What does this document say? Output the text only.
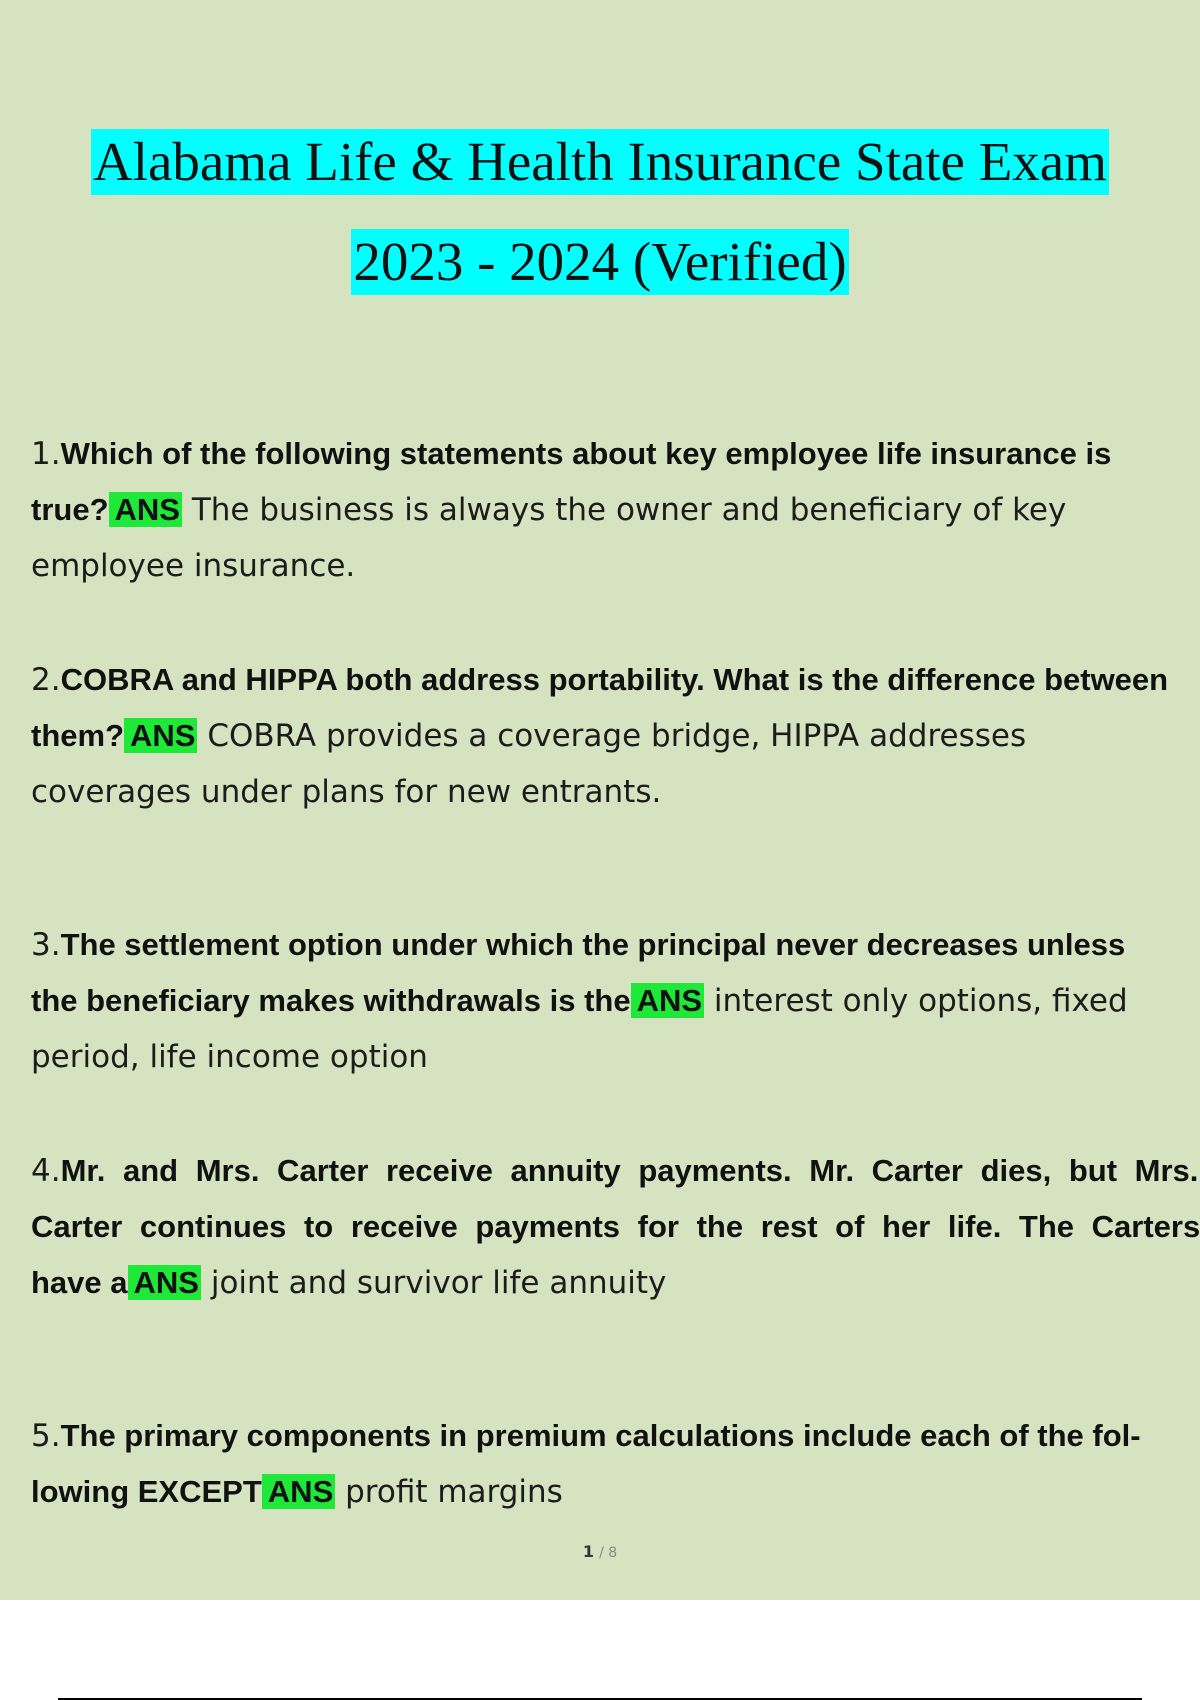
Alabama Life & Health Insurance State Exam

2023 - 2024 (Verified)

1.Which of the following statements about key employee life insurance is true? ANS The business is always the owner and beneficiary of key employee insurance.

2.COBRA and HIPPA both address portability. What is the difference between them? ANS COBRA provides a coverage bridge, HIPPA addresses coverages under plans for new entrants.

3.The settlement option under which the principal never decreases unless the beneficiary makes withdrawals is the ANS interest only options, fixed period, life income option

4.Mr. and Mrs. Carter receive annuity payments. Mr. Carter dies, but Mrs.
Carter continues to receive payments for the rest of her life. The Carters
have a ANS joint and survivor life annuity

5.The primary components in premium calculations include each of the fol- lowing EXCEPT ANS profit margins

1 / 8
